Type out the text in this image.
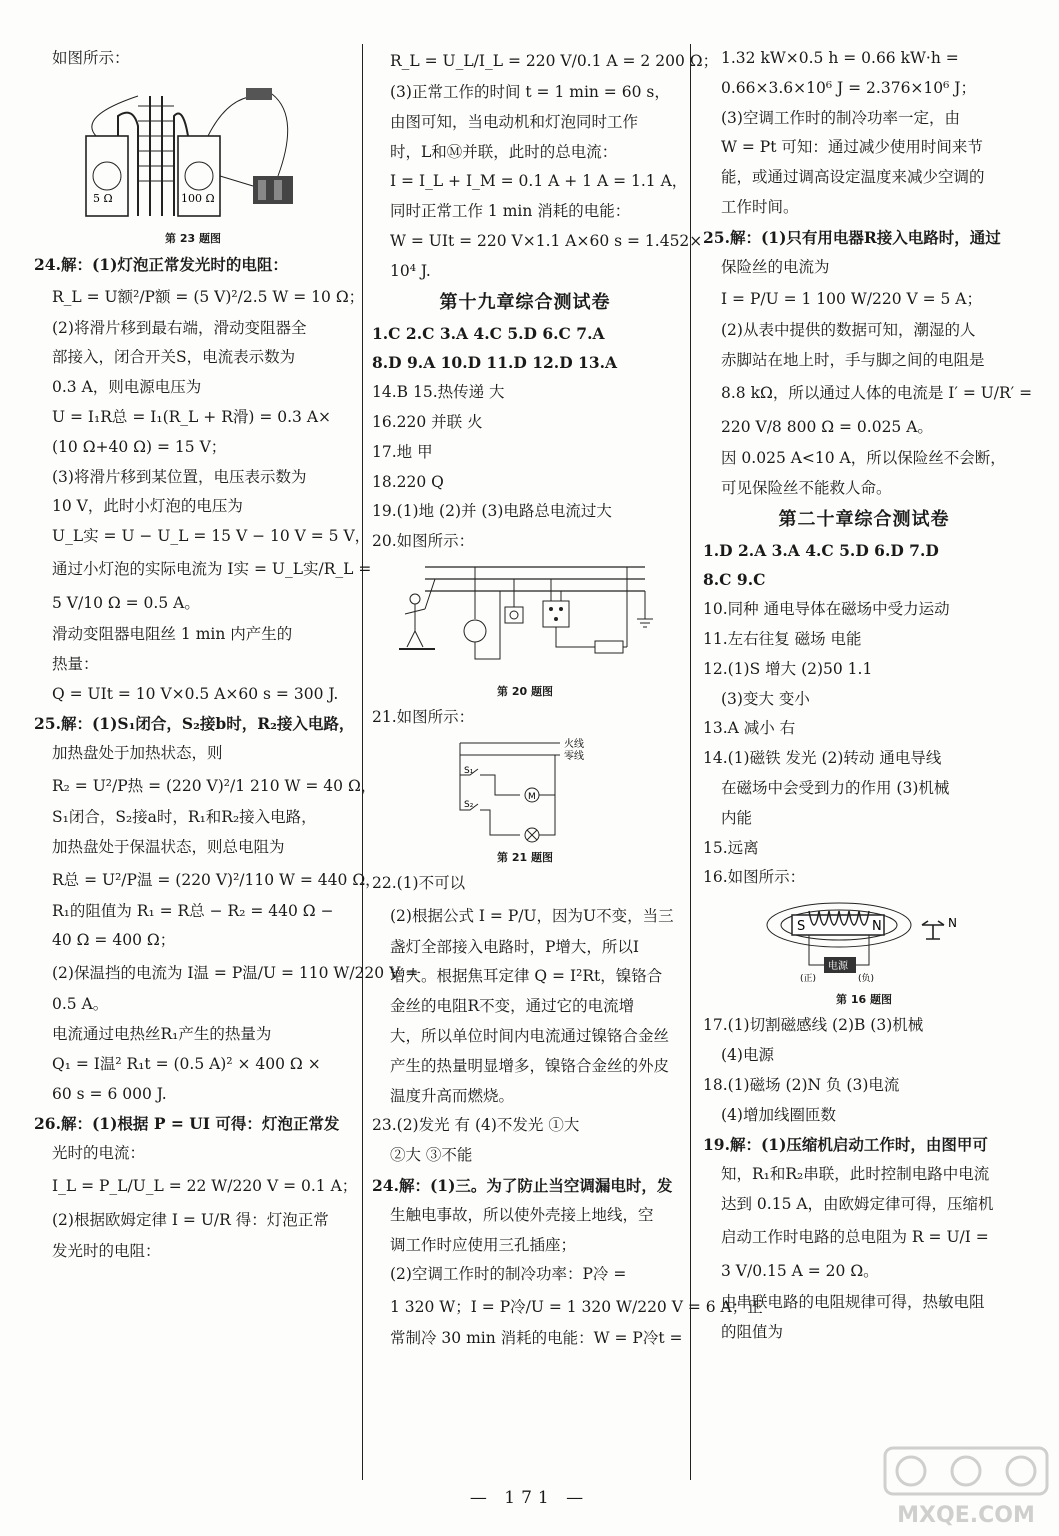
如图所示：
5 Ω	100 Ω
第 23 题图
24.解：(1)灯泡正常发光时的电阻：
R_L = U额²/P额 = (5 V)²/2.5 W = 10 Ω；
(2)将滑片移到最右端，滑动变阻器全
部接入，闭合开关S，电流表示数为
0.3 A，则电源电压为
U = I₁R总 = I₁(R_L + R滑) = 0.3 A×
(10 Ω+40 Ω) = 15 V；
(3)将滑片移到某位置，电压表示数为
10 V，此时小灯泡的电压为
U_L实 = U − U_L = 15 V − 10 V = 5 V，
通过小灯泡的实际电流为 I实 = U_L实/R_L =
5 V/10 Ω = 0.5 A。
滑动变阻器电阻丝 1 min 内产生的
热量：
Q = UIt = 10 V×0.5 A×60 s = 300 J.
25.解：(1)S₁闭合，S₂接b时，R₂接入电路，
加热盘处于加热状态，则
R₂ = U²/P热 = (220 V)²/1 210 W = 40 Ω，
S₁闭合，S₂接a时，R₁和R₂接入电路，
加热盘处于保温状态，则总电阻为
R总 = U²/P温 = (220 V)²/110 W = 440 Ω，
R₁的阻值为 R₁ = R总 − R₂ = 440 Ω −
40 Ω = 400 Ω；
(2)保温挡的电流为 I温 = P温/U = 110 W/220 V =
0.5 A。
电流通过电热丝R₁产生的热量为
Q₁ = I温² R₁t = (0.5 A)² × 400 Ω ×
60 s = 6 000 J.
26.解：(1)根据 P = UI 可得：灯泡正常发
光时的电流：
I_L = P_L/U_L = 22 W/220 V = 0.1 A；
(2)根据欧姆定律 I = U/R 得：灯泡正常
发光时的电阻：
R_L = U_L/I_L = 220 V/0.1 A = 2 200 Ω；
(3)正常工作的时间 t = 1 min = 60 s，
由图可知，当电动机和灯泡同时工作
时，L和Ⓜ并联，此时的总电流：
I = I_L + I_M = 0.1 A + 1 A = 1.1 A，
同时正常工作 1 min 消耗的电能：
W = UIt = 220 V×1.1 A×60 s = 1.452×
10⁴ J.
第十九章综合测试卷
1.C 2.C 3.A 4.C 5.D 6.C 7.A
8.D 9.A 10.D 11.D 12.D 13.A
14.B 15.热传递 大
16.220 并联 火
17.地 甲
18.220 Q
19.(1)地 (2)并 (3)电路总电流过大
20.如图所示：
第 20 题图
21.如图所示：
火线
零线
S₁
S₂
M
第 21 题图
22.(1)不可以
(2)根据公式 I = P/U，因为U不变，当三
盏灯全部接入电路时，P增大，所以I
增大。根据焦耳定律 Q = I²Rt，镍铬合
金丝的电阻R不变，通过它的电流增
大，所以单位时间内电流通过镍铬合金丝
产生的热量明显增多，镍铬合金丝的外皮
温度升高而燃烧。
23.(2)发光 有 (4)不发光 ①大
②大 ③不能
24.解：(1)三。为了防止当空调漏电时，发
生触电事故，所以使外壳接上地线，空
调工作时应使用三孔插座；
(2)空调工作时的制冷功率：P冷 =
1 320 W；I = P冷/U = 1 320 W/220 V = 6 A；正
常制冷 30 min 消耗的电能：W = P冷t =
1.32 kW×0.5 h = 0.66 kW·h =
0.66×3.6×10⁶ J = 2.376×10⁶ J；
(3)空调工作时的制冷功率一定，由
W = Pt 可知：通过减少使用时间来节
能，或通过调高设定温度来减少空调的
工作时间。
25.解：(1)只有用电器R接入电路时，通过
保险丝的电流为
I = P/U = 1 100 W/220 V = 5 A；
(2)从表中提供的数据可知，潮湿的人
赤脚站在地上时，手与脚之间的电阻是
8.8 kΩ，所以通过人体的电流是 I′ = U/R′ =
220 V/8 800 Ω = 0.025 A。
因 0.025 A<10 A，所以保险丝不会断，
可见保险丝不能救人命。
第二十章综合测试卷
1.D 2.A 3.A 4.C 5.D 6.D 7.D
8.C 9.C
10.同种 通电导体在磁场中受力运动
11.左右往复 磁场 电能
12.(1)S 增大 (2)50 1.1
(3)变大 变小
13.A 减小 右
14.(1)磁铁 发光 (2)转动 通电导线
在磁场中会受到力的作用 (3)机械
内能
15.远离
16.如图所示：
S	N
电源
(正)	(负)
N
第 16 题图
17.(1)切割磁感线 (2)B (3)机械
(4)电源
18.(1)磁场 (2)N 负 (3)电流
(4)增加线圈匝数
19.解：(1)压缩机启动工作时，由图甲可
知，R₁和R₂串联，此时控制电路中电流
达到 0.15 A，由欧姆定律可得，压缩机
启动工作时电路的总电阻为 R = U/I =
3 V/0.15 A = 20 Ω。
由串联电路的电阻规律可得，热敏电阻
的阻值为
— 171 —
MXQE.COM
